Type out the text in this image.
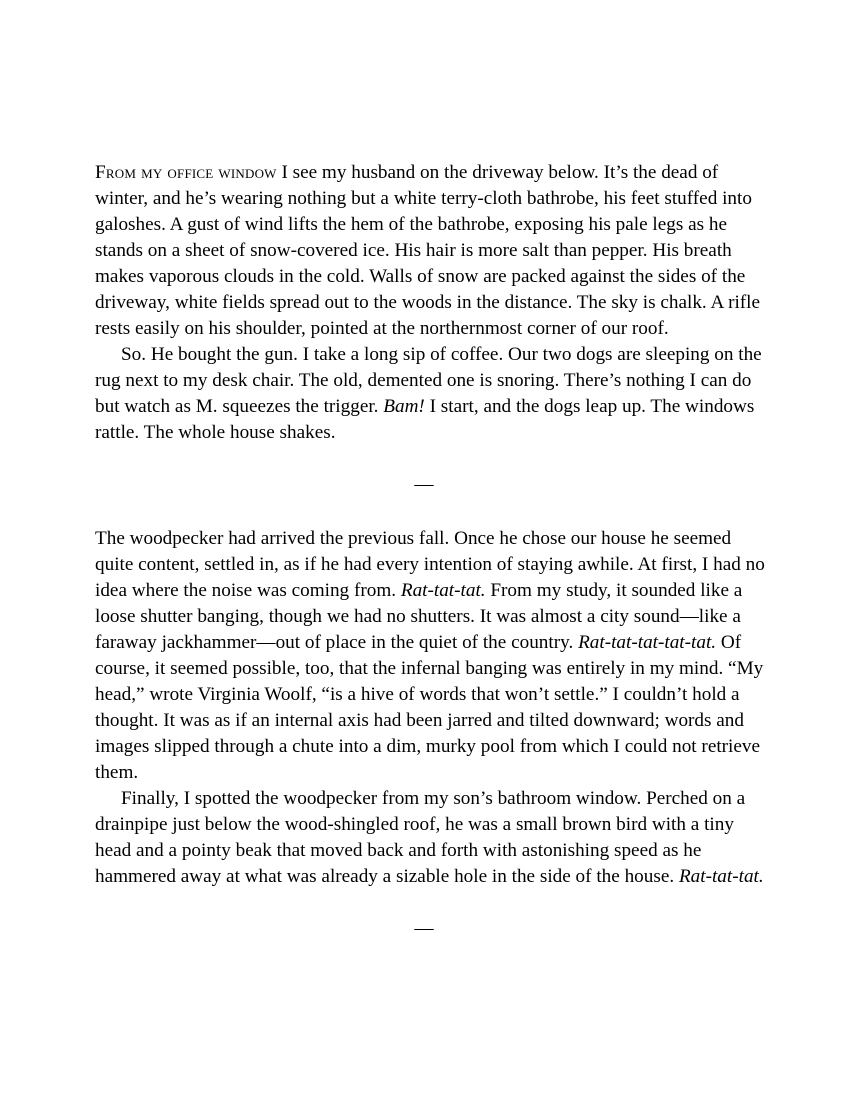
From my office window I see my husband on the driveway below. It’s the dead of winter, and he’s wearing nothing but a white terry-cloth bathrobe, his feet stuffed into galoshes. A gust of wind lifts the hem of the bathrobe, exposing his pale legs as he stands on a sheet of snow-covered ice. His hair is more salt than pepper. His breath makes vaporous clouds in the cold. Walls of snow are packed against the sides of the driveway, white fields spread out to the woods in the distance. The sky is chalk. A rifle rests easily on his shoulder, pointed at the northernmost corner of our roof.

So. He bought the gun. I take a long sip of coffee. Our two dogs are sleeping on the rug next to my desk chair. The old, demented one is snoring. There’s nothing I can do but watch as M. squeezes the trigger. Bam! I start, and the dogs leap up. The windows rattle. The whole house shakes.

—

The woodpecker had arrived the previous fall. Once he chose our house he seemed quite content, settled in, as if he had every intention of staying awhile. At first, I had no idea where the noise was coming from. Rat-tat-tat. From my study, it sounded like a loose shutter banging, though we had no shutters. It was almost a city sound—like a faraway jackhammer—out of place in the quiet of the country. Rat-tat-tat-tat-tat. Of course, it seemed possible, too, that the infernal banging was entirely in my mind. “My head,” wrote Virginia Woolf, “is a hive of words that won’t settle.” I couldn’t hold a thought. It was as if an internal axis had been jarred and tilted downward; words and images slipped through a chute into a dim, murky pool from which I could not retrieve them.

Finally, I spotted the woodpecker from my son’s bathroom window. Perched on a drainpipe just below the wood-shingled roof, he was a small brown bird with a tiny head and a pointy beak that moved back and forth with astonishing speed as he hammered away at what was already a sizable hole in the side of the house. Rat-tat-tat.

—
